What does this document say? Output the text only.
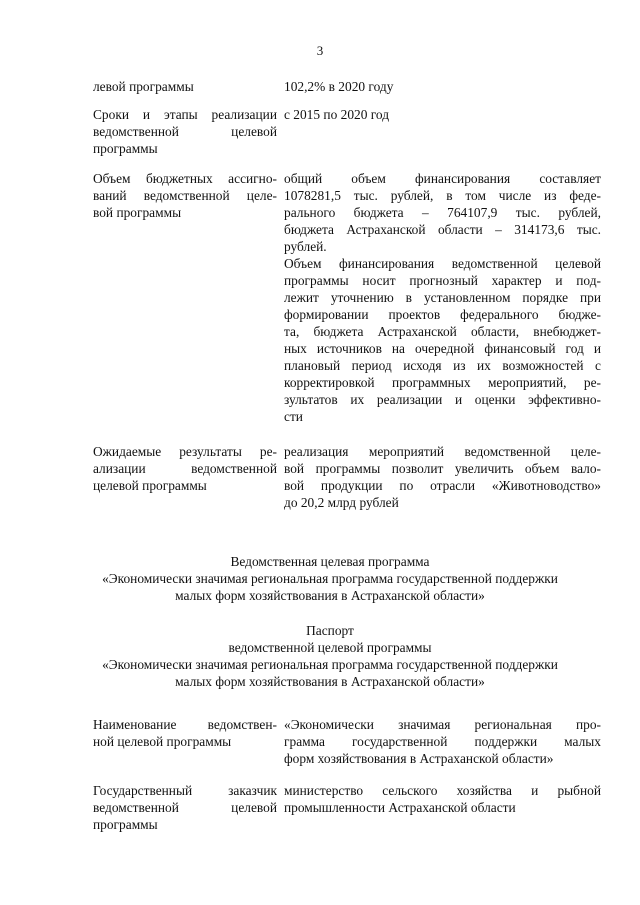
3
левой программы	102,2% в 2020 году
Сроки и этапы реализации
ведомственной целевой
программы
с 2015 по 2020 год
Объем бюджетных ассигно-
ваний ведомственной целе-
вой программы
общий объем финансирования составляет
1078281,5 тыс. рублей, в том числе из феде-
рального бюджета – 764107,9 тыс. рублей,
бюджета Астраханской области – 314173,6 тыс.
рублей.
Объем финансирования ведомственной целевой
программы носит прогнозный характер и под-
лежит уточнению в установленном порядке при
формировании проектов федерального бюдже-
та, бюджета Астраханской области, внебюджет-
ных источников на очередной финансовый год и
плановый период исходя из их возможностей с
корректировкой программных мероприятий, ре-
зультатов их реализации и оценки эффективно-
сти
Ожидаемые результаты ре-
ализации ведомственной
целевой программы
реализация мероприятий ведомственной целе-
вой программы позволит увеличить объем вало-
вой продукции по отрасли «Животноводство»
до 20,2 млрд рублей
Ведомственная целевая программа
«Экономически значимая региональная программа государственной поддержки
малых форм хозяйствования в Астраханской области»
Паспорт
ведомственной целевой программы
«Экономически значимая региональная программа государственной поддержки
малых форм хозяйствования в Астраханской области»
Наименование ведомствен-
ной целевой программы
«Экономически значимая региональная про-
грамма государственной поддержки малых
форм хозяйствования в Астраханской области»
Государственный заказчик
ведомственной целевой
программы
министерство сельского хозяйства и рыбной
промышленности Астраханской области
